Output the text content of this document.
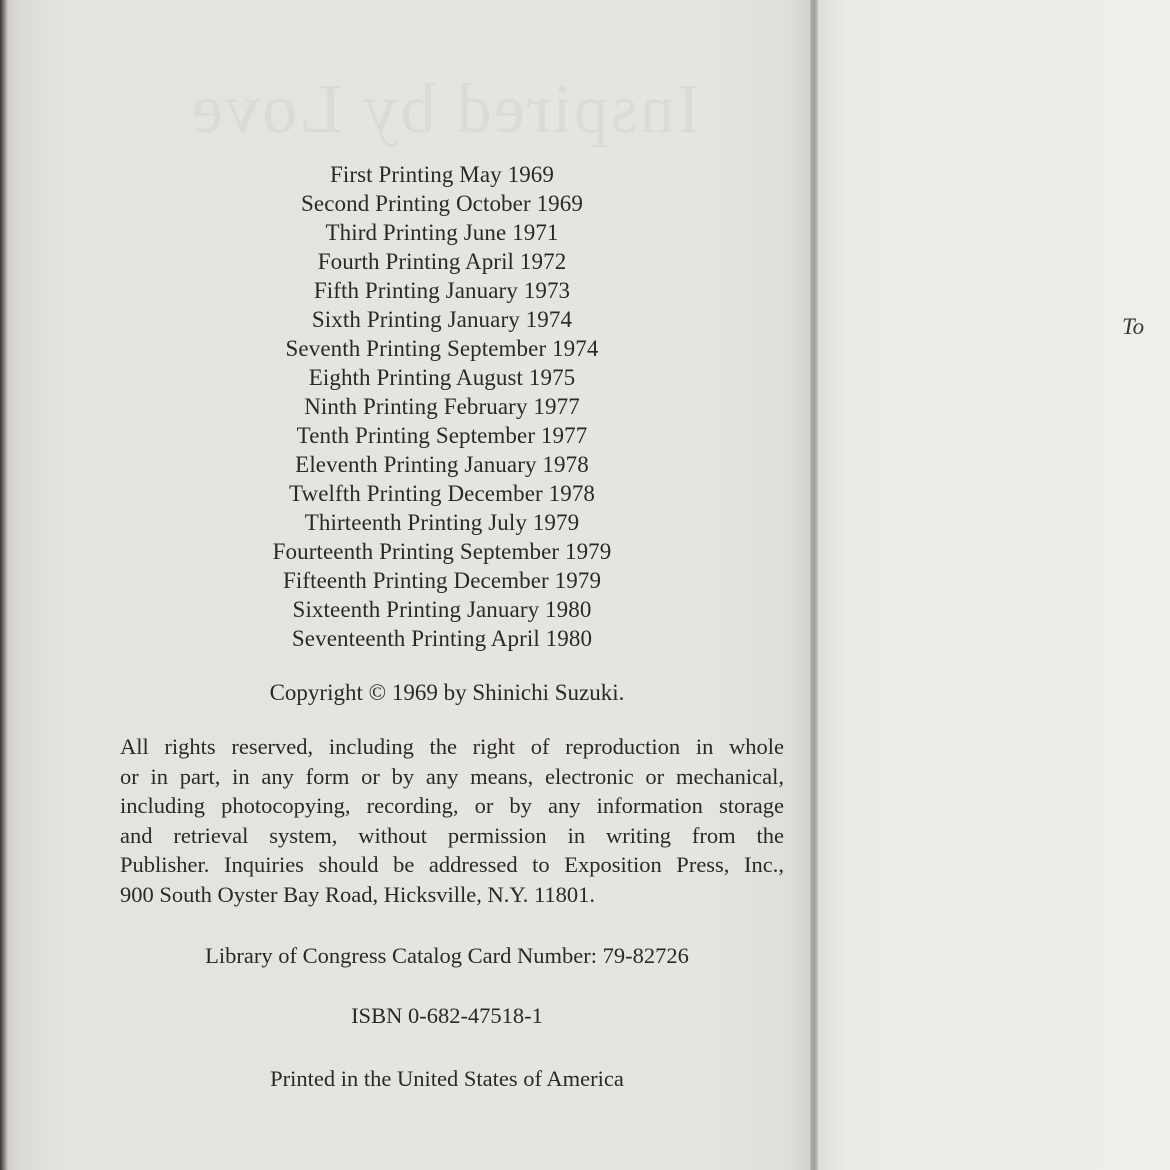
Inspired by Love
First Printing May 1969
Second Printing October 1969
Third Printing June 1971
Fourth Printing April 1972
Fifth Printing January 1973
Sixth Printing January 1974
Seventh Printing September 1974
Eighth Printing August 1975
Ninth Printing February 1977
Tenth Printing September 1977
Eleventh Printing January 1978
Twelfth Printing December 1978
Thirteenth Printing July 1979
Fourteenth Printing September 1979
Fifteenth Printing December 1979
Sixteenth Printing January 1980
Seventeenth Printing April 1980
Copyright © 1969 by Shinichi Suzuki.
All rights reserved, including the right of reproduction in whole
or in part, in any form or by any means, electronic or mechanical,
including photocopying, recording, or by any information storage
and retrieval system, without permission in writing from the
Publisher. Inquiries should be addressed to Exposition Press, Inc.,
900 South Oyster Bay Road, Hicksville, N.Y. 11801.
Library of Congress Catalog Card Number: 79-82726
ISBN 0-682-47518-1
Printed in the United States of America
To
